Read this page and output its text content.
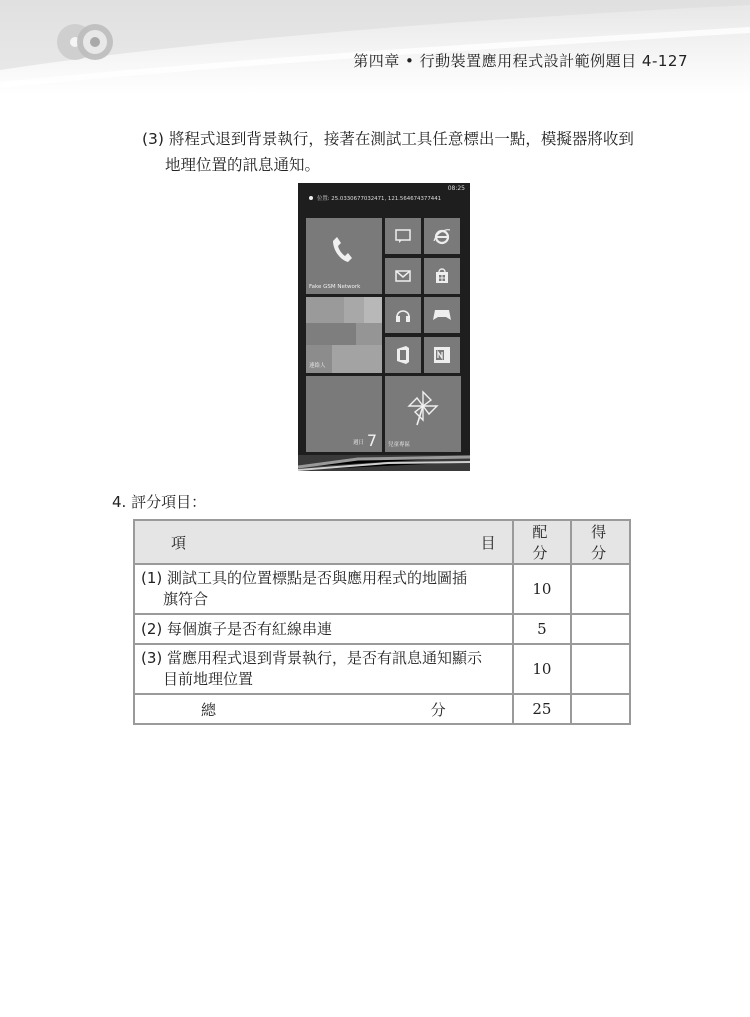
第四章 • 行動裝置應用程式設計範例題目 4-127
(3) 將程式退到背景執行，接著在測試工具任意標出一點，模擬器將收到
地理位置的訊息通知。
08:25
位置: 25.0330677032471, 121.564674377441
Fake GSM Network
連絡人
週日 7 兒童專區
4. 評分項目：
項 目	配 分	得 分

(1) 測試工具的位置標點是否與應用程式的地圖插
旗符合	10	

(2) 每個旗子是否有紅線串連	5	

(3) 當應用程式退到背景執行，是否有訊息通知顯示
目前地理位置	10	

總 分	25	
